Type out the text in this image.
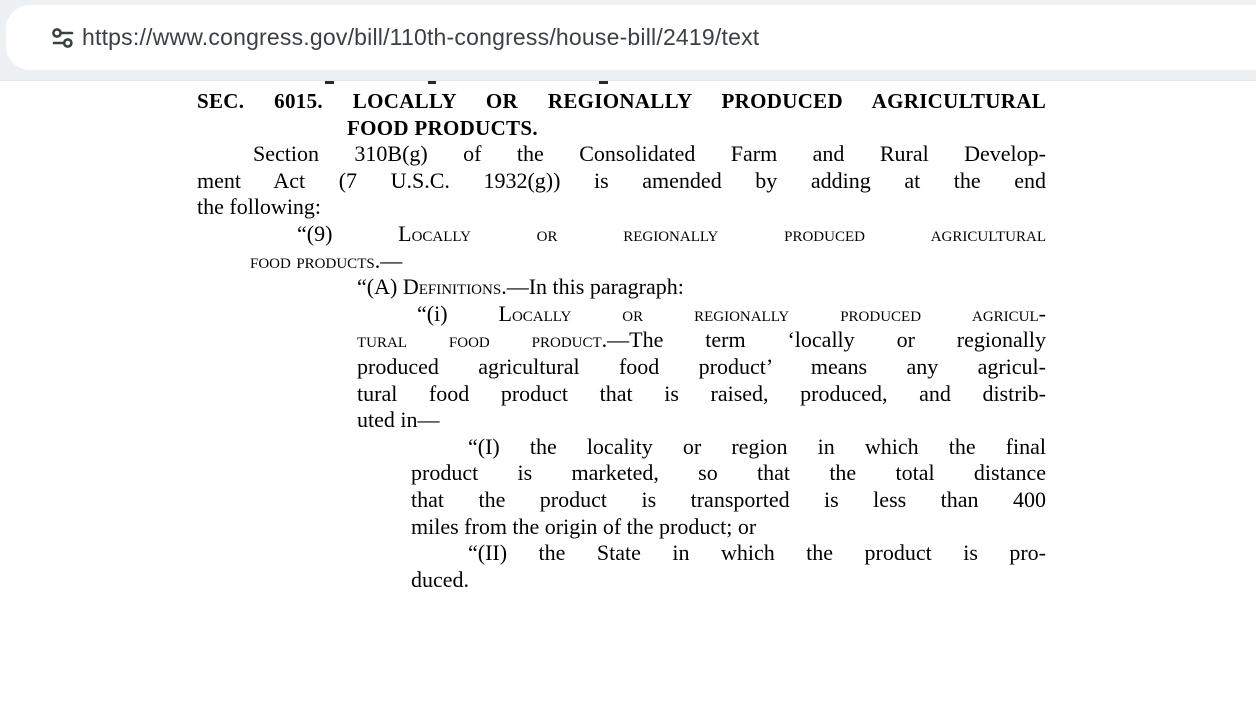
https://www.congress.gov/bill/110th-congress/house-bill/2419/text
SEC. 6015. LOCALLY OR REGIONALLY PRODUCED AGRICULTURAL
FOOD PRODUCTS.
Section 310B(g) of the Consolidated Farm and Rural Develop-
ment Act (7 U.S.C. 1932(g)) is amended by adding at the end
the following:
“(9) Locally or regionally produced agricultural
food products.—
“(A) Definitions.—In this paragraph:
“(i) Locally or regionally produced agricul-
tural food product.—The term ‘locally or regionally
produced agricultural food product’ means any agricul-
tural food product that is raised, produced, and distrib-
uted in—
“(I) the locality or region in which the final
product is marketed, so that the total distance
that the product is transported is less than 400
miles from the origin of the product; or
“(II) the State in which the product is pro-
duced.
